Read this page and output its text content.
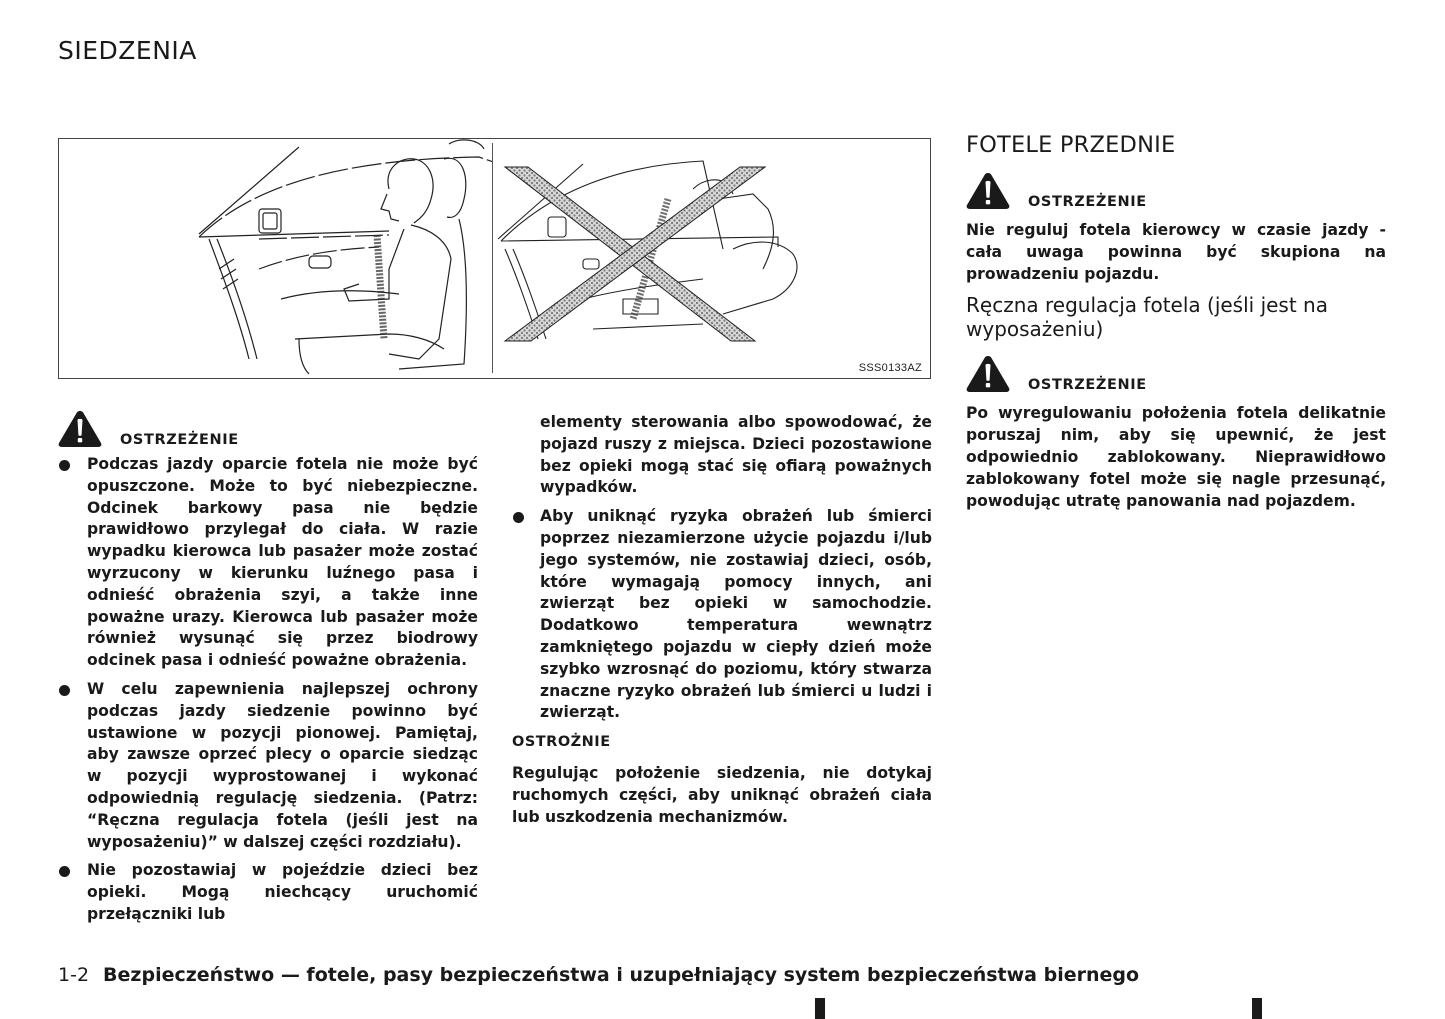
SIEDZENIA
SSS0133AZ
OSTRZEŻENIE

Podczas jazdy oparcie fotela nie może być opuszczone. Może to być niebezpieczne. Odcinek barkowy pasa nie będzie prawidłowo przylegał do ciała. W razie wypadku kierowca lub pasażer może zostać wyrzucony w kierunku luźnego pasa i odnieść obrażenia szyi, a także inne poważne urazy. Kierowca lub pasażer może również wysunąć się przez biodrowy odcinek pasa i odnieść poważne obrażenia.

W celu zapewnienia najlepszej ochrony podczas jazdy siedzenie powinno być ustawione w pozycji pionowej. Pamiętaj, aby zawsze oprzeć plecy o oparcie siedząc w pozycji wyprostowanej i wykonać odpowiednią regulację siedzenia. (Patrz: “Ręczna regulacja fotela (jeśli jest na wyposażeniu)” w dalszej części rozdziału).

Nie pozostawiaj w pojeździe dzieci bez opieki. Mogą niechcący uruchomić przełączniki lub

elementy sterowania albo spowodować, że pojazd ruszy z miejsca. Dzieci pozostawione bez opieki mogą stać się ofiarą poważnych wypadków.

Aby uniknąć ryzyka obrażeń lub śmierci poprzez niezamierzone użycie pojazdu i/lub jego systemów, nie zostawiaj dzieci, osób, które wymagają pomocy innych, ani zwierząt bez opieki w samochodzie. Dodatkowo temperatura wewnątrz zamkniętego pojazdu w ciepły dzień może szybko wzrosnąć do poziomu, który stwarza znaczne ryzyko obrażeń lub śmierci u ludzi i zwierząt.

OSTROŻNIE

Regulując położenie siedzenia, nie dotykaj ruchomych części, aby uniknąć obrażeń ciała lub uszkodzenia mechanizmów.

FOTELE PRZEDNIE
OSTRZEŻENIE

Nie reguluj fotela kierowcy w czasie jazdy - cała uwaga powinna być skupiona na prowadzeniu pojazdu.

Ręczna regulacja fotela (jeśli jest na wyposażeniu)
OSTRZEŻENIE

Po wyregulowaniu położenia fotela delikatnie poruszaj nim, aby się upewnić, że jest odpowiednio zablokowany. Nieprawidłowo zablokowany fotel może się nagle przesunąć, powodując utratę panowania nad pojazdem.

1-2 Bezpieczeństwo — fotele, pasy bezpieczeństwa i uzupełniający system bezpieczeństwa biernego
